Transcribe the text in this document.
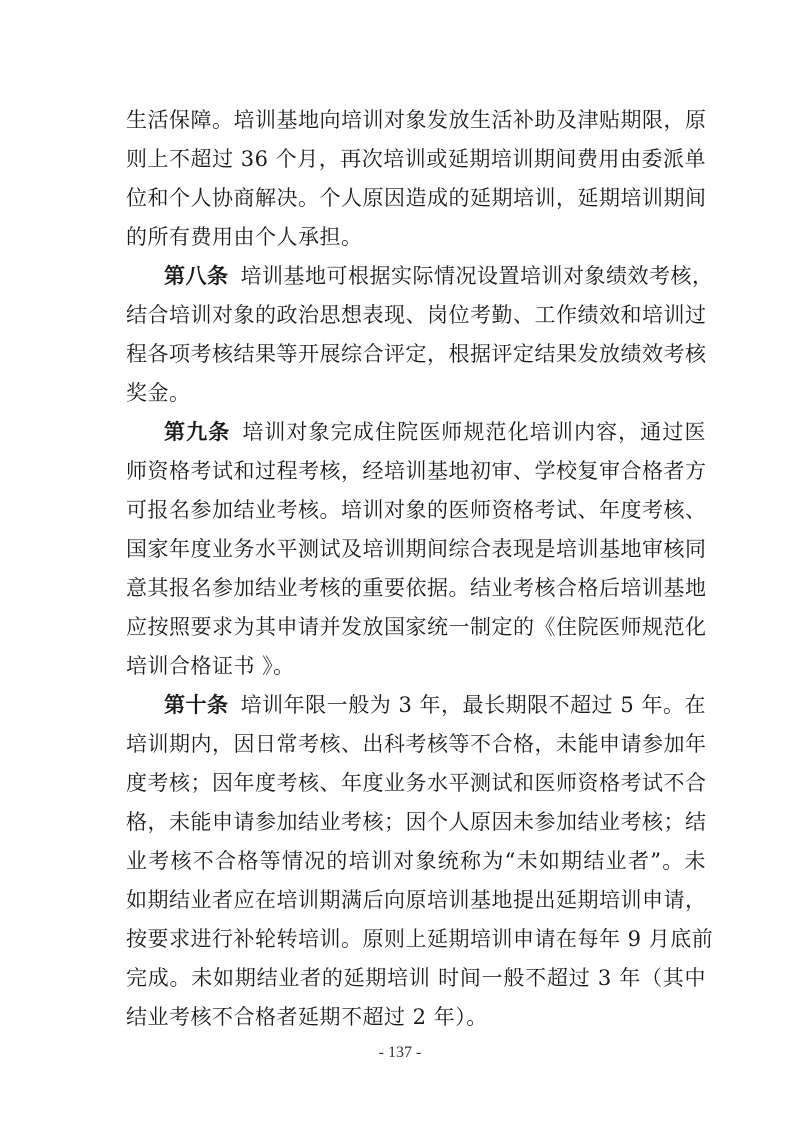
生活保障。培训基地向培训对象发放生活补助及津贴期限，原
则上不超过 36 个月，再次培训或延期培训期间费用由委派单
位和个人协商解决。个人原因造成的延期培训，延期培训期间
的所有费用由个人承担。
第八条 培训基地可根据实际情况设置培训对象绩效考核，
结合培训对象的政治思想表现、岗位考勤、工作绩效和培训过
程各项考核结果等开展综合评定，根据评定结果发放绩效考核
奖金。
第九条 培训对象完成住院医师规范化培训内容，通过医
师资格考试和过程考核，经培训基地初审、学校复审合格者方
可报名参加结业考核。培训对象的医师资格考试、年度考核、
国家年度业务水平测试及培训期间综合表现是培训基地审核同
意其报名参加结业考核的重要依据。结业考核合格后培训基地
应按照要求为其申请并发放国家统一制定的《住院医师规范化
培训合格证书 》。
第十条 培训年限一般为 3 年，最长期限不超过 5 年。在
培训期内，因日常考核、出科考核等不合格，未能申请参加年
度考核；因年度考核、年度业务水平测试和医师资格考试不合
格，未能申请参加结业考核；因个人原因未参加结业考核；结
业考核不合格等情况的培训对象统称为“未如期结业者”。未
如期结业者应在培训期满后向原培训基地提出延期培训申请，
按要求进行补轮转培训。原则上延期培训申请在每年 9 月底前
完成。未如期结业者的延期培训 时间一般不超过 3 年（其中
结业考核不合格者延期不超过 2 年）。
- 137 -
